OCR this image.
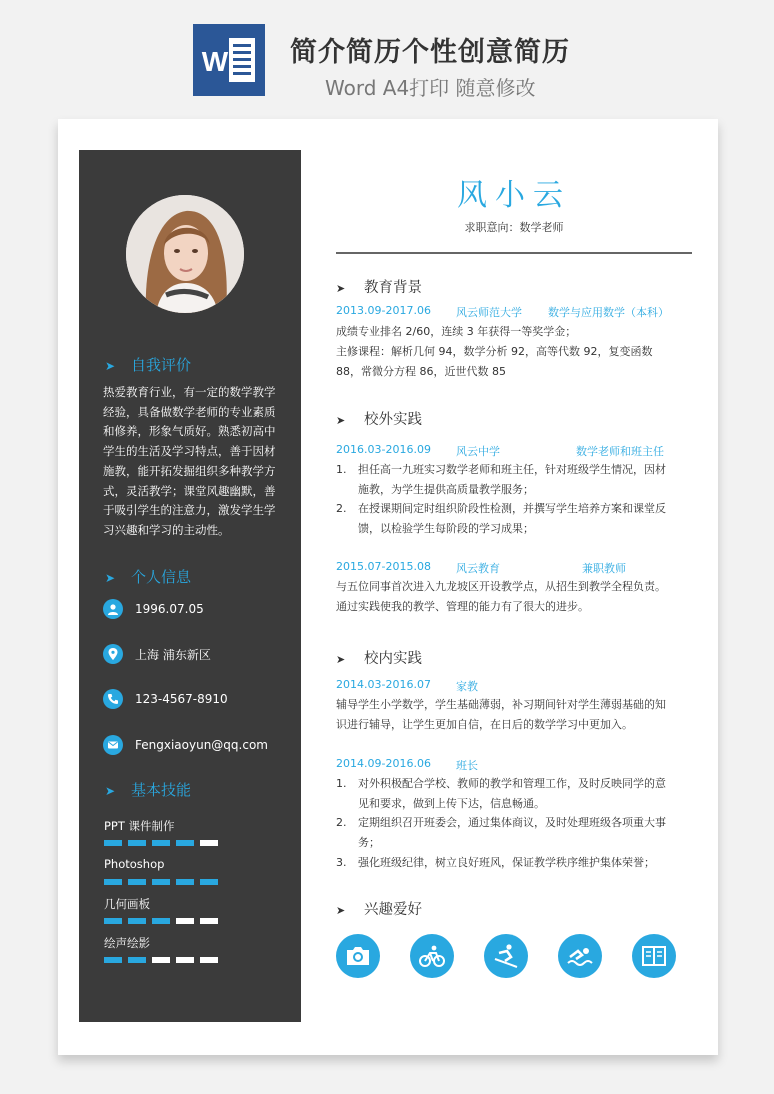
W 简介简历个性创意简历
Word A4打印 随意修改
➤ 自我评价
热爱教育行业，有一定的数学教学经验，具备做数学老师的专业素质和修养，形象气质好。熟悉初高中学生的生活及学习特点，善于因材施教，能开拓发掘组织多种教学方式，灵活教学；课堂风趣幽默，善于吸引学生的注意力，激发学生学习兴趣和学习的主动性。
➤ 个人信息
1996.07.05
上海 浦东新区
123-4567-8910
Fengxiaoyun@qq.com
➤ 基本技能
PPT 课件制作
Photoshop
几何画板
绘声绘影
风小云
求职意向：数学老师
➤ 教育背景
2013.09-2017.06 风云师范大学 数学与应用数学（本科）
成绩专业排名 2/60，连续 3 年获得一等奖学金；
主修课程：解析几何 94，数学分析 92，高等代数 92，复变函数 88，常微分方程 86，近世代数 85
➤ 校外实践
2016.03-2016.09 风云中学	数学老师和班主任
1.	担任高一九班实习数学老师和班主任，针对班级学生情况，因材施教，为学生提供高质量教学服务；
2.	在授课期间定时组织阶段性检测，并撰写学生培养方案和课堂反馈，以检验学生每阶段的学习成果；
2015.07-2015.08 风云教育	兼职教师
与五位同事首次进入九龙坡区开设教学点，从招生到教学全程负责。通过实践使我的教学、管理的能力有了很大的进步。
➤ 校内实践
2014.03-2016.07 家教
辅导学生小学数学，学生基础薄弱，补习期间针对学生薄弱基础的知识进行辅导，让学生更加自信，在日后的数学学习中更加入。
2014.09-2016.06 班长
1.	对外积极配合学校、教师的教学和管理工作，及时反映同学的意见和要求，做到上传下达，信息畅通。
2.	定期组织召开班委会，通过集体商议，及时处理班级各项重大事务；
3.	强化班级纪律，树立良好班风，保证教学秩序维护集体荣誉；
➤ 兴趣爱好
